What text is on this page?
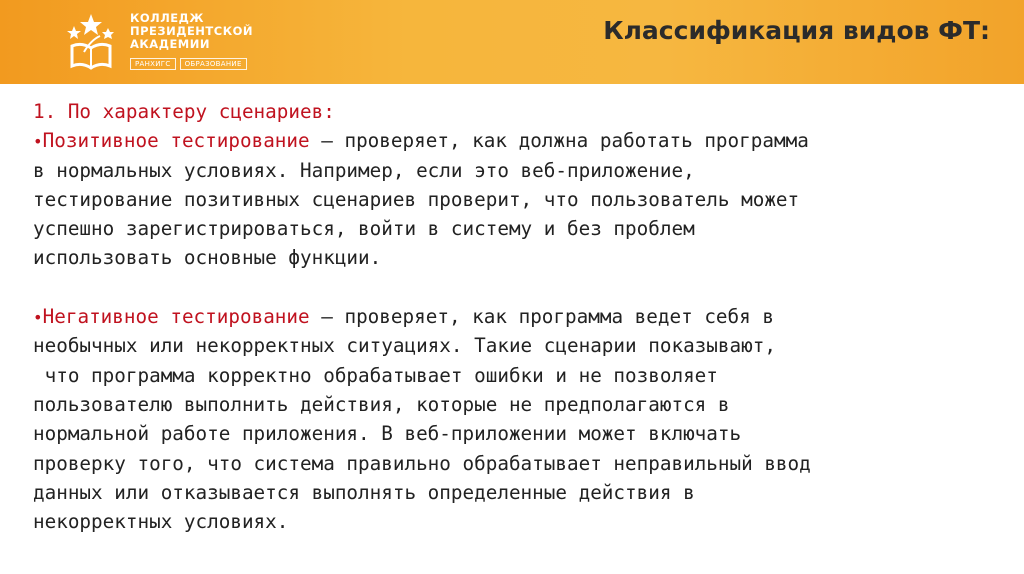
КОЛЛЕДЖ
ПРЕЗИДЕНТСКОЙ
АКАДЕМИИ
РАНХИГС	ОБРАЗОВАНИЕ
Классификация видов ФТ:
1. По характеру сценариев:
•Позитивное тестирование — проверяет, как должна работать программа
в нормальных условиях. Например, если это веб-приложение,
тестирование позитивных сценариев проверит, что пользователь может
успешно зарегистрироваться, войти в систему и без проблем
использовать основные функции.
•Негативное тестирование — проверяет, как программа ведет себя в
необычных или некорректных ситуациях. Такие сценарии показывают,
что программа корректно обрабатывает ошибки и не позволяет
пользователю выполнить действия, которые не предполагаются в
нормальной работе приложения. В веб-приложении может включать
проверку того, что система правильно обрабатывает неправильный ввод
данных или отказывается выполнять определенные действия в
некорректных условиях.
